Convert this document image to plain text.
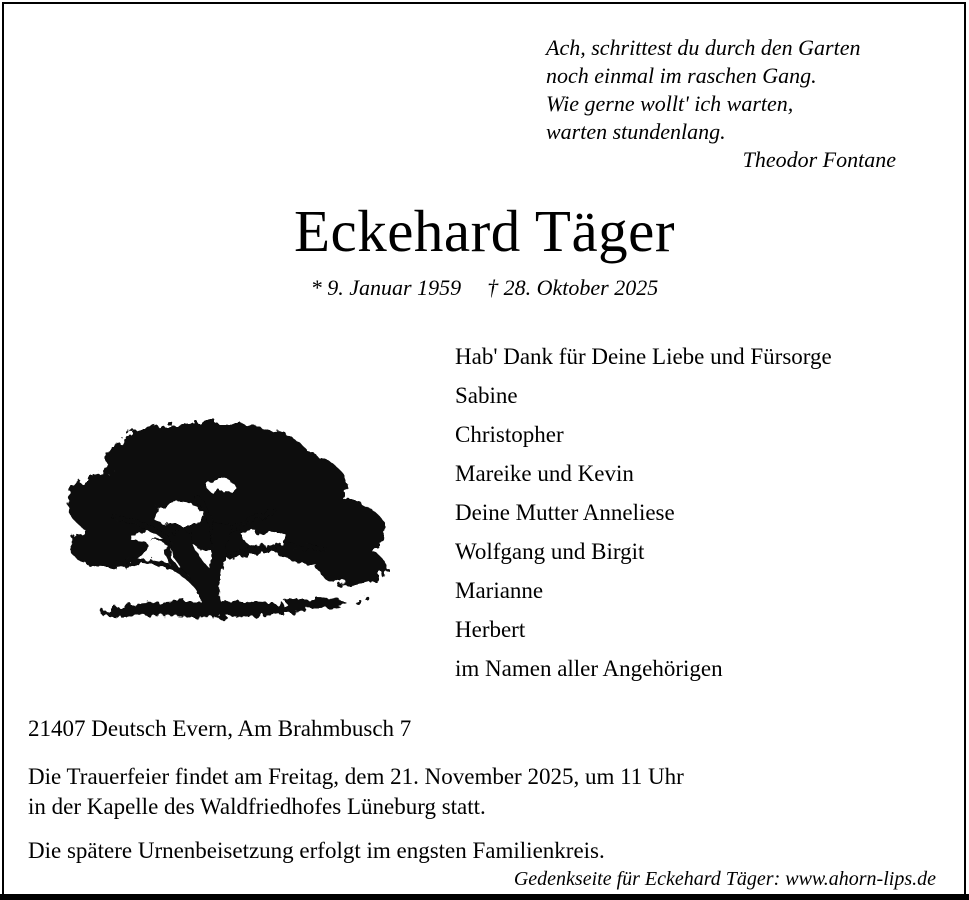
Ach, schrittest du durch den Garten
noch einmal im raschen Gang.
Wie gerne wollt' ich warten,
warten stundenlang.
Theodor Fontane
Eckehard Täger
* 9. Januar 1959 † 28. Oktober 2025
Hab' Dank für Deine Liebe und Fürsorge
Sabine
Christopher
Mareike und Kevin
Deine Mutter Anneliese
Wolfgang und Birgit
Marianne
Herbert
im Namen aller Angehörigen
21407 Deutsch Evern, Am Brahmbusch 7
Die Trauerfeier findet am Freitag, dem 21. November 2025, um 11 Uhr
in der Kapelle des Waldfriedhofes Lüneburg statt.
Die spätere Urnenbeisetzung erfolgt im engsten Familienkreis.
Gedenkseite für Eckehard Täger: www.ahorn-lips.de
